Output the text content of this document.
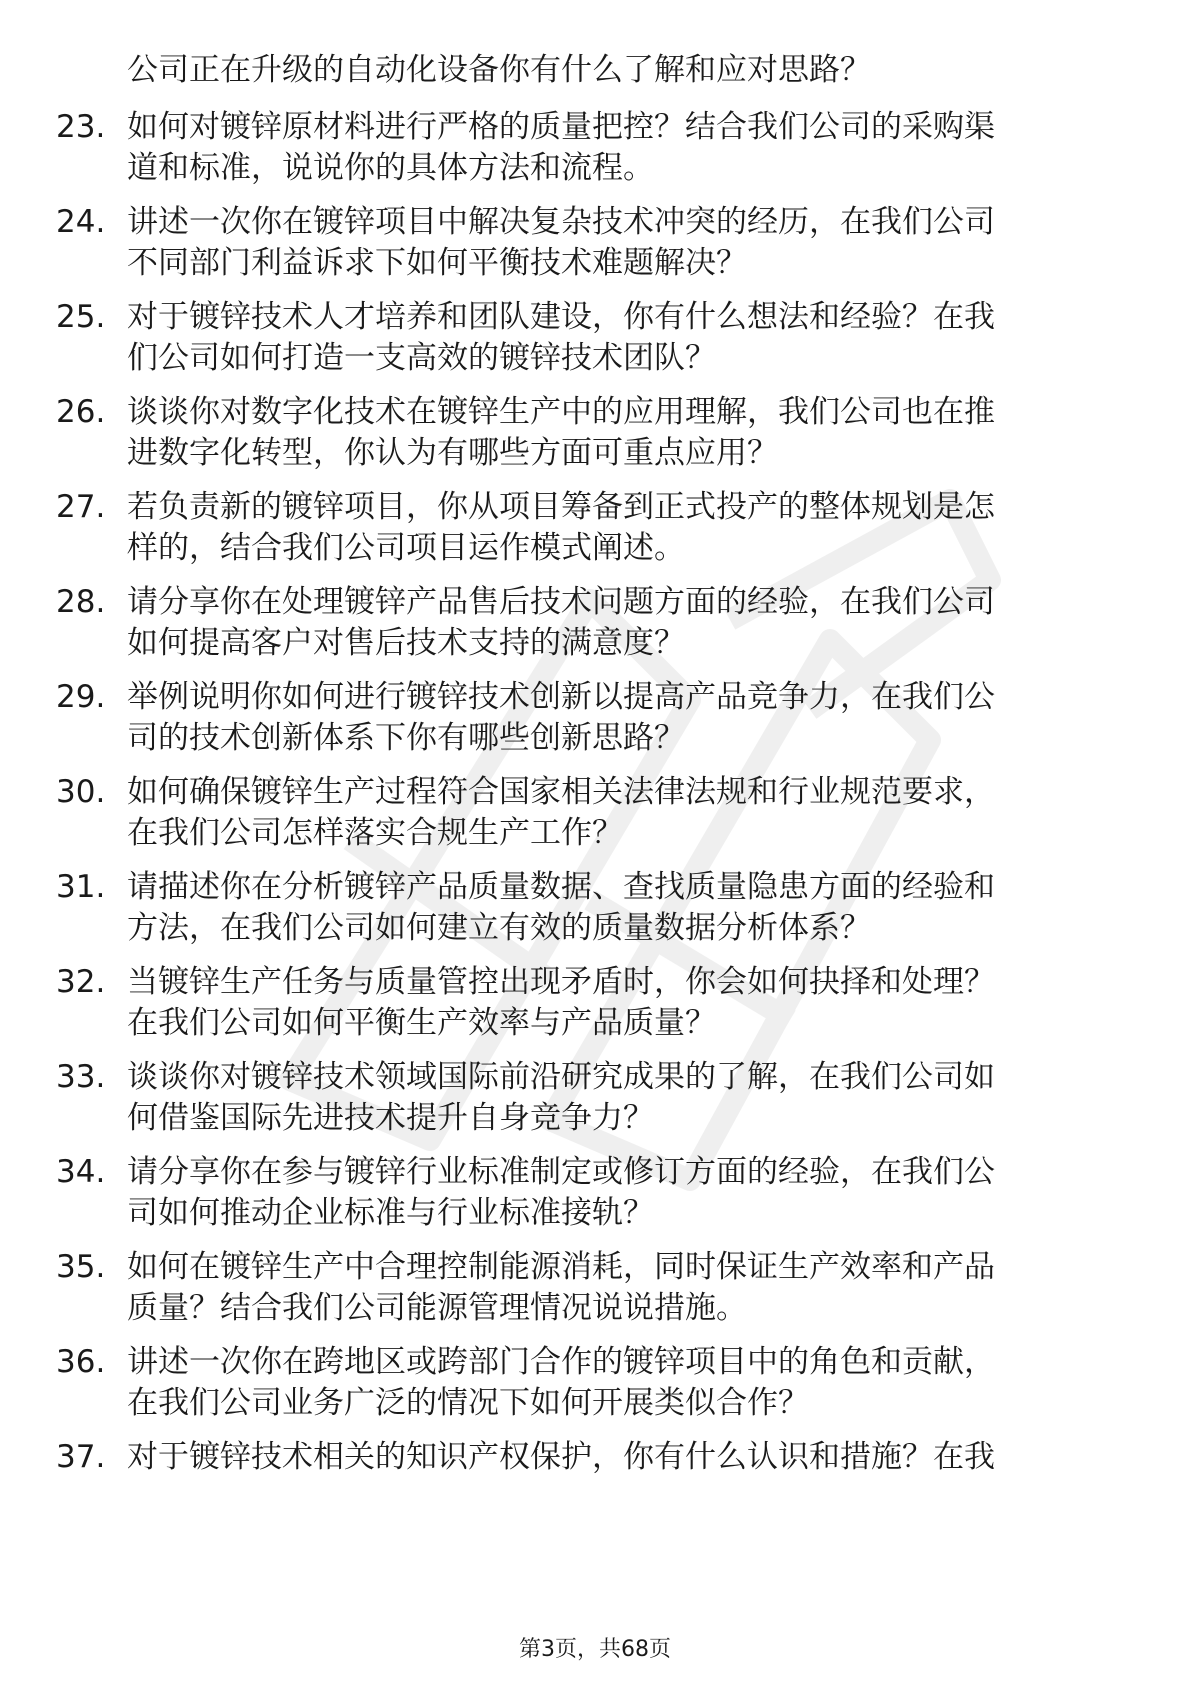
公司正在升级的自动化设备你有什么了解和应对思路？
23. 如何对镀锌原材料进行严格的质量把控？结合我们公司的采购渠
道和标准，说说你的具体方法和流程。
24. 讲述一次你在镀锌项目中解决复杂技术冲突的经历，在我们公司
不同部门利益诉求下如何平衡技术难题解决？
25. 对于镀锌技术人才培养和团队建设，你有什么想法和经验？在我
们公司如何打造一支高效的镀锌技术团队？
26. 谈谈你对数字化技术在镀锌生产中的应用理解，我们公司也在推
进数字化转型，你认为有哪些方面可重点应用？
27. 若负责新的镀锌项目，你从项目筹备到正式投产的整体规划是怎
样的，结合我们公司项目运作模式阐述。
28. 请分享你在处理镀锌产品售后技术问题方面的经验，在我们公司
如何提高客户对售后技术支持的满意度？
29. 举例说明你如何进行镀锌技术创新以提高产品竞争力，在我们公
司的技术创新体系下你有哪些创新思路？
30. 如何确保镀锌生产过程符合国家相关法律法规和行业规范要求，
在我们公司怎样落实合规生产工作？
31. 请描述你在分析镀锌产品质量数据、查找质量隐患方面的经验和
方法，在我们公司如何建立有效的质量数据分析体系？
32. 当镀锌生产任务与质量管控出现矛盾时，你会如何抉择和处理？
在我们公司如何平衡生产效率与产品质量？
33. 谈谈你对镀锌技术领域国际前沿研究成果的了解，在我们公司如
何借鉴国际先进技术提升自身竞争力？
34. 请分享你在参与镀锌行业标准制定或修订方面的经验，在我们公
司如何推动企业标准与行业标准接轨？
35. 如何在镀锌生产中合理控制能源消耗，同时保证生产效率和产品
质量？结合我们公司能源管理情况说说措施。
36. 讲述一次你在跨地区或跨部门合作的镀锌项目中的角色和贡献，
在我们公司业务广泛的情况下如何开展类似合作？
37. 对于镀锌技术相关的知识产权保护，你有什么认识和措施？在我
第3页，共68页
